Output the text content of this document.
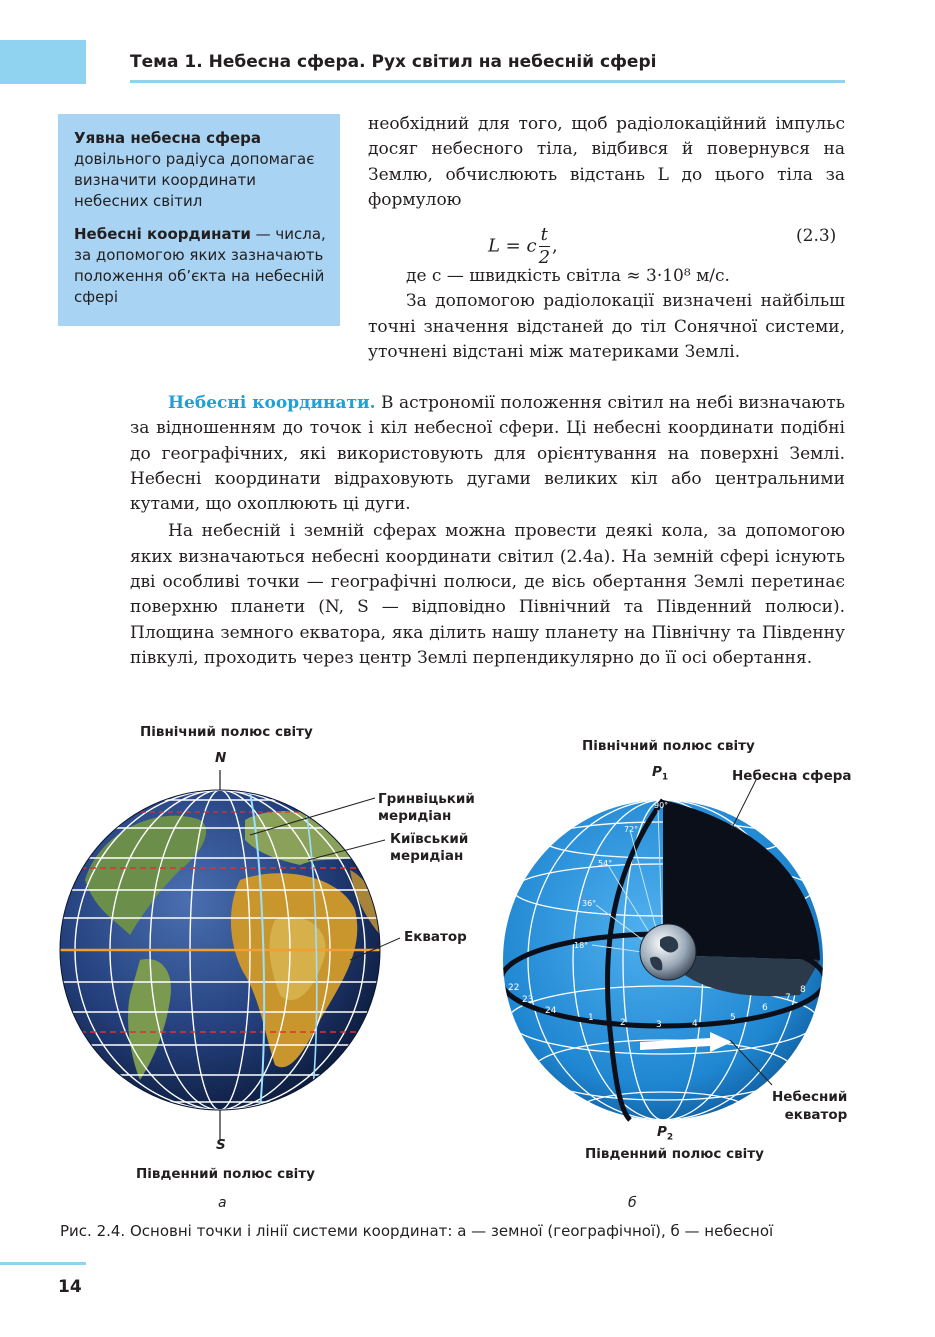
Тема 1. Небесна сфера. Рух світил на небесній сфері

Уявна небесна сфера
довільного радіуса допомагає визначити координати небесних світил

Небесні координати — числа, за допомогою яких зазначають положення об’єкта на небесній сфері

необхідний для того, щоб радіолокаційний імпульс досяг небесного тіла, відбився й повернувся на Землю, обчислюють відстань L до цього тіла за формулою

L = c $\frac{t}{2}$ ,	(2.3)

де c — швидкість світла ≈ 3·10⁸ м/с.

За допомогою радіолокації визначені найбільш точні значення відстаней до тіл Сонячної системи, уточнені відстані між материками Землі.

Небесні координати. В астрономії положення світил на небі визначають за відношенням до точок і кіл небесної сфери. Ці небесні координати подібні до географічних, які використовують для орієнтування на поверхні Землі. Небесні координати відраховують дугами великих кіл або центральними кутами, що охоплюють ці дуги.

На небесній і земній сферах можна провести деякі кола, за допомогою яких визначаються небесні координати світил (2.4а). На земній сфері існують дві особливі точки — географічні полюси, де вісь обертання Землі перетинає поверхню планети (N, S — відповідно Північний та Південний полюси). Площина земного екватора, яка ділить нашу планету на Північну та Південну півкулі, проходить через центр Землі перпендикулярно до її осі обертання.

Північний полюс світу
N
Гринвіцький
меридіан
Київський
меридіан
Екватор
S
Південний полюс світу
а
Північний полюс світу
$P_1$	Небесна сфера
Небесний
екватор
$P_2$
Південний полюс світу
б
90°
72°
54°
36°
18°
22
23
24
1	2	3	4
5
6
7
8
Рис. 2.4. Основні точки і лінії системи координат: а — земної (географічної), б — небесної
14
